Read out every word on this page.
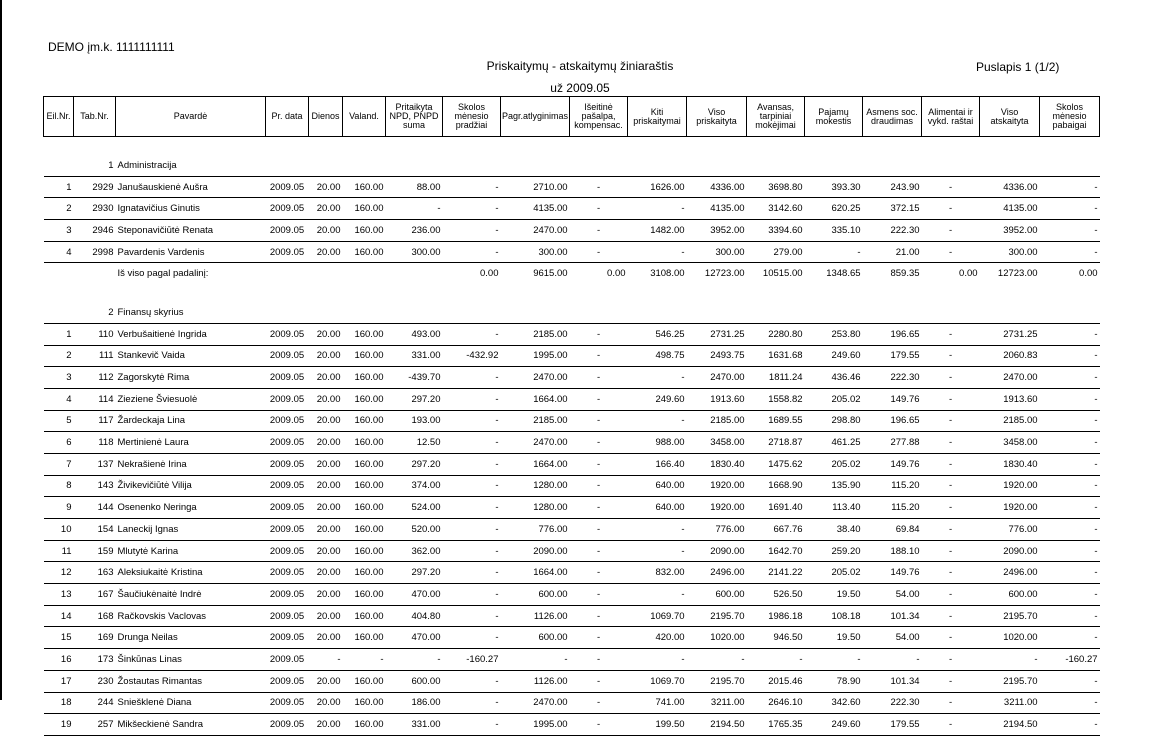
DEMO įm.k. 1111111111
Priskaitymų - atskaitymų žiniaraštis	Puslapis 1 (1/2)
už 2009.05
Eil.Nr.	Tab.Nr.	Pavardė	Pr. data	Dienos	Valand.	Pritaikyta NPD, PNPD suma	Skolos mėnesio pradžiai	Pagr.atlyginimas	Išeitinė pašalpa, kompensac.	Kiti priskaitymai	Viso priskaityta	Avansas, tarpiniai mokėjimai	Pajamų mokestis	Asmens soc. draudimas	Alimentai ir vykd. raštai	Viso atskaityta	Skolos mėnesio pabaigai

	1	Administracija															
1	2929	Janušauskienė Aušra	2009.05	20.00	160.00	88.00	-	2710.00	-	1626.00	4336.00	3698.80	393.30	243.90	-	4336.00	-
2	2930	Ignatavičius Ginutis	2009.05	20.00	160.00	-	-	4135.00	-	-	4135.00	3142.60	620.25	372.15	-	4135.00	-
3	2946	Steponavičiūtė Renata	2009.05	20.00	160.00	236.00	-	2470.00	-	1482.00	3952.00	3394.60	335.10	222.30	-	3952.00	-
4	2998	Pavardenis Vardenis	2009.05	20.00	160.00	300.00	-	300.00	-	-	300.00	279.00	-	21.00	-	300.00	-
		Iš viso pagal padalinį:					0.00	9615.00	0.00	3108.00	12723.00	10515.00	1348.65	859.35	0.00	12723.00	0.00

	2	Finansų skyrius															
1	110	Verbušaitienė Ingrida	2009.05	20.00	160.00	493.00	-	2185.00	-	546.25	2731.25	2280.80	253.80	196.65	-	2731.25	-
2	111	Stankevič Vaida	2009.05	20.00	160.00	331.00	-432.92	1995.00	-	498.75	2493.75	1631.68	249.60	179.55	-	2060.83	-
3	112	Zagorskytė Rima	2009.05	20.00	160.00	-439.70	-	2470.00	-	-	2470.00	1811.24	436.46	222.30	-	2470.00	-
4	114	Zieziene Šviesuolė	2009.05	20.00	160.00	297.20	-	1664.00	-	249.60	1913.60	1558.82	205.02	149.76	-	1913.60	-
5	117	Žardeckaja Lina	2009.05	20.00	160.00	193.00	-	2185.00	-	-	2185.00	1689.55	298.80	196.65	-	2185.00	-
6	118	Mertinienė Laura	2009.05	20.00	160.00	12.50	-	2470.00	-	988.00	3458.00	2718.87	461.25	277.88	-	3458.00	-
7	137	Nekrašienė Irina	2009.05	20.00	160.00	297.20	-	1664.00	-	166.40	1830.40	1475.62	205.02	149.76	-	1830.40	-
8	143	Živikevičiūtė Vilija	2009.05	20.00	160.00	374.00	-	1280.00	-	640.00	1920.00	1668.90	135.90	115.20	-	1920.00	-
9	144	Osenenko Neringa	2009.05	20.00	160.00	524.00	-	1280.00	-	640.00	1920.00	1691.40	113.40	115.20	-	1920.00	-
10	154	Laneckij Ignas	2009.05	20.00	160.00	520.00	-	776.00	-	-	776.00	667.76	38.40	69.84	-	776.00	-
11	159	Mlutytė Karina	2009.05	20.00	160.00	362.00	-	2090.00	-	-	2090.00	1642.70	259.20	188.10	-	2090.00	-
12	163	Aleksiukaitė Kristina	2009.05	20.00	160.00	297.20	-	1664.00	-	832.00	2496.00	2141.22	205.02	149.76	-	2496.00	-
13	167	Šaučiukėnaitė Indrė	2009.05	20.00	160.00	470.00	-	600.00	-	-	600.00	526.50	19.50	54.00	-	600.00	-
14	168	Račkovskis Vaclovas	2009.05	20.00	160.00	404.80	-	1126.00	-	1069.70	2195.70	1986.18	108.18	101.34	-	2195.70	-
15	169	Drunga Neilas	2009.05	20.00	160.00	470.00	-	600.00	-	420.00	1020.00	946.50	19.50	54.00	-	1020.00	-
16	173	Šinkūnas Linas	2009.05	-	-	-	-160.27	-	-	-	-	-	-	-	-	-	-160.27
17	230	Žostautas Rimantas	2009.05	20.00	160.00	600.00	-	1126.00	-	1069.70	2195.70	2015.46	78.90	101.34	-	2195.70	-
18	244	Sniešklenė Diana	2009.05	20.00	160.00	186.00	-	2470.00	-	741.00	3211.00	2646.10	342.60	222.30	-	3211.00	-
19	257	Mikšeckienė Sandra	2009.05	20.00	160.00	331.00	-	1995.00	-	199.50	2194.50	1765.35	249.60	179.55	-	2194.50	-
